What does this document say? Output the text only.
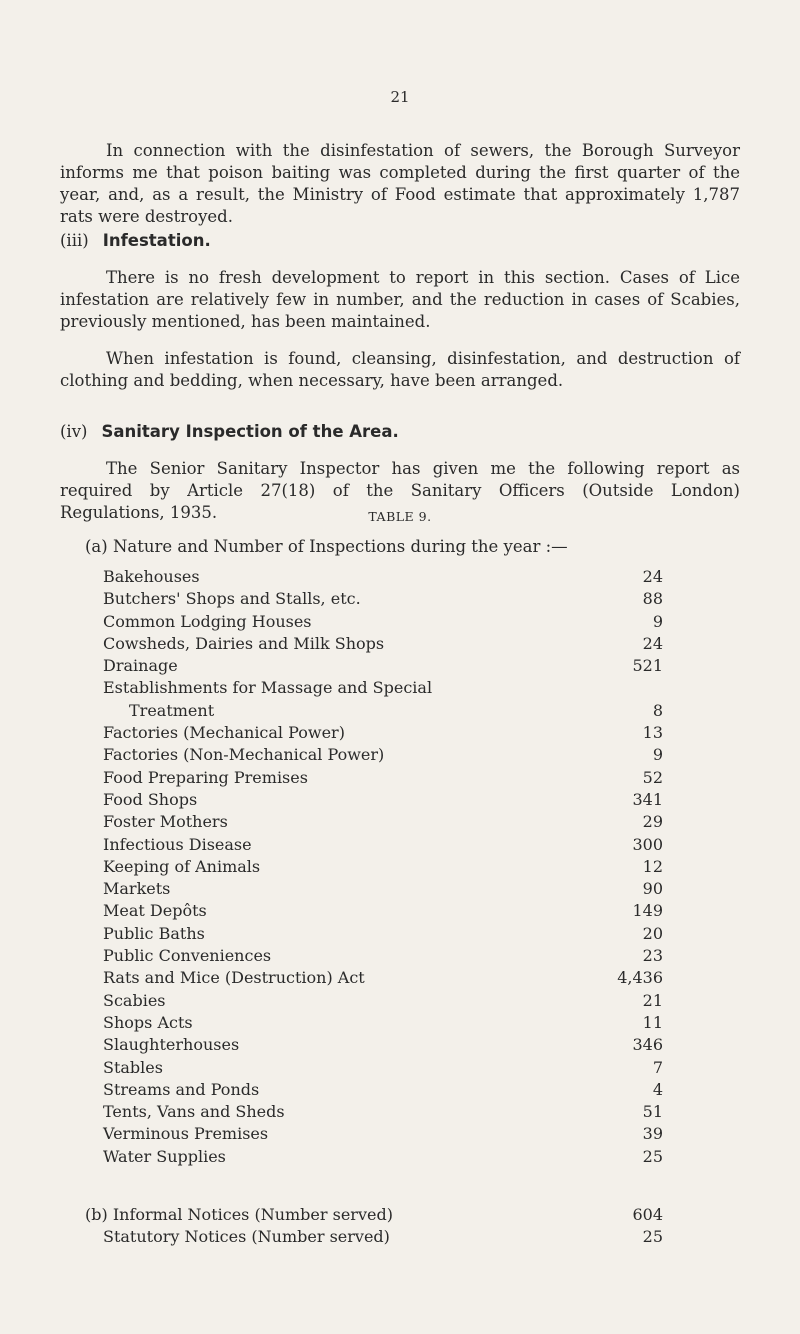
21

In connection with the disinfestation of sewers, the Borough Surveyor informs me that poison baiting was completed during the first quarter of the year, and, as a result, the Ministry of Food estimate that approximately 1,787 rats were destroyed.

(iii) Infestation.

There is no fresh development to report in this section. Cases of Lice infestation are relatively few in number, and the reduction in cases of Scabies, previously mentioned, has been maintained.

When infestation is found, cleansing, disinfestation, and destruction of clothing and bedding, when necessary, have been arranged.

(iv) Sanitary Inspection of the Area.

The Senior Sanitary Inspector has given me the following report as required by Article 27(18) of the Sanitary Officers (Outside London) Regulations, 1935.	TABLE 9.
(a) Nature and Number of Inspections during the year :—
Bakehouses	24
Butchers' Shops and Stalls, etc.	88
Common Lodging Houses	9
Cowsheds, Dairies and Milk Shops	24
Drainage	521
Establishments for Massage and Special
Treatment	8
Factories (Mechanical Power)	13
Factories (Non-Mechanical Power)	9
Food Preparing Premises	52
Food Shops	341
Foster Mothers	29
Infectious Disease	300
Keeping of Animals	12
Markets	90
Meat Depôts	149
Public Baths	20
Public Conveniences	23
Rats and Mice (Destruction) Act	4,436
Scabies	21
Shops Acts	11
Slaughterhouses	346
Stables	7
Streams and Ponds	4
Tents, Vans and Sheds	51
Verminous Premises	39
Water Supplies	25
(b) Informal Notices (Number served)	604
Statutory Notices (Number served)	25
